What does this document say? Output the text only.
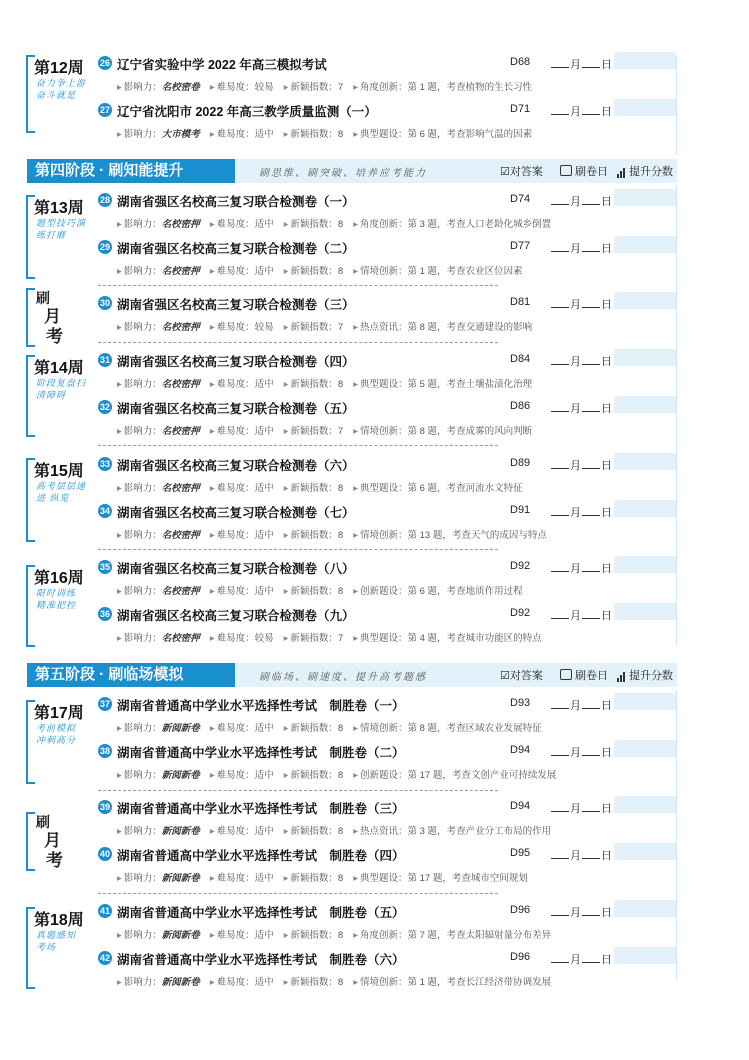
第12周
奋力争上游 奋斗就是
26 辽宁省实验中学 2022 年高三模拟考试	D68	月 日
▸ 影响力：名校密卷 ▸ 难易度：较易 ▸ 新颖指数：7 ▸ 角度创新：第 1 题，考查植物的生长习性
27 辽宁省沈阳市 2022 年高三教学质量监测（一）	D71	月 日
▸ 影响力：大市模考 ▸ 难易度：适中 ▸ 新颖指数：8 ▸ 典型题设：第 6 题，考查影响气温的因素
第四阶段 · 刷知能提升	刷思维、刷突破、培养应考能力	☑对答案	刷卷日	提升分数
第13周
题型技巧演练打磨
28 湖南省强区名校高三复习联合检测卷（一）	D74	月 日
▸ 影响力：名校密押 ▸ 难易度：适中 ▸ 新颖指数：8 ▸ 角度创新：第 3 题，考查人口老龄化城乡倒置
29 湖南省强区名校高三复习联合检测卷（二）	D77	月 日
▸ 影响力：名校密押 ▸ 难易度：适中 ▸ 新颖指数：8 ▸ 情境创新：第 1 题，考查农业区位因素
刷
月
考
30 湖南省强区名校高三复习联合检测卷（三）	D81	月 日
▸ 影响力：名校密押 ▸ 难易度：较易 ▸ 新颖指数：7 ▸ 热点资讯：第 8 题，考查交通建设的影响
第14周
阶段复盘扫清障碍
31 湖南省强区名校高三复习联合检测卷（四）	D84	月 日
▸ 影响力：名校密押 ▸ 难易度：适中 ▸ 新颖指数：8 ▸ 典型题设：第 5 题，考查土壤盐渍化治理
32 湖南省强区名校高三复习联合检测卷（五）	D86	月 日
▸ 影响力：名校密押 ▸ 难易度：适中 ▸ 新颖指数：7 ▸ 情境创新：第 8 题，考查成雾的风向判断
第15周
高考层层递进 纵览
33 湖南省强区名校高三复习联合检测卷（六）	D89	月 日
▸ 影响力：名校密押 ▸ 难易度：适中 ▸ 新颖指数：8 ▸ 典型题设：第 6 题，考查河流水文特征
34 湖南省强区名校高三复习联合检测卷（七）	D91	月 日
▸ 影响力：名校密押 ▸ 难易度：适中 ▸ 新颖指数：8 ▸ 情境创新：第 13 题，考查天气的成因与特点
第16周
限时训练 精准把控
35 湖南省强区名校高三复习联合检测卷（八）	D92	月 日
▸ 影响力：名校密押 ▸ 难易度：适中 ▸ 新颖指数：8 ▸ 创新题设：第 6 题，考查地质作用过程
36 湖南省强区名校高三复习联合检测卷（九）	D92	月 日
▸ 影响力：名校密押 ▸ 难易度：较易 ▸ 新颖指数：7 ▸ 典型题设：第 4 题，考查城市功能区的特点
第五阶段 · 刷临场模拟	刷临场、刷速度、提升高考题感	☑对答案	刷卷日	提升分数
第17周
考前模拟 冲刺高分
37 湖南省普通高中学业水平选择性考试　制胜卷（一）	D93	月 日
▸ 影响力：新阅新卷 ▸ 难易度：适中 ▸ 新颖指数：8 ▸ 情境创新：第 8 题，考查区域农业发展特征
38 湖南省普通高中学业水平选择性考试　制胜卷（二）	D94	月 日
▸ 影响力：新阅新卷 ▸ 难易度：适中 ▸ 新颖指数：8 ▸ 创新题设：第 17 题，考查文创产业可持续发展
刷
月
考
39 湖南省普通高中学业水平选择性考试　制胜卷（三）	D94	月 日
▸ 影响力：新阅新卷 ▸ 难易度：适中 ▸ 新颖指数：8 ▸ 热点资讯：第 3 题，考查产业分工布局的作用
40 湖南省普通高中学业水平选择性考试　制胜卷（四）	D95	月 日
▸ 影响力：新阅新卷 ▸ 难易度：适中 ▸ 新颖指数：8 ▸ 典型题设：第 17 题，考查城市空间规划
第18周
真题感知 考场
41 湖南省普通高中学业水平选择性考试　制胜卷（五）	D96	月 日
▸ 影响力：新阅新卷 ▸ 难易度：适中 ▸ 新颖指数：8 ▸ 角度创新：第 7 题，考查太阳辐射量分布差异
42 湖南省普通高中学业水平选择性考试　制胜卷（六）	D96	月 日
▸ 影响力：新阅新卷 ▸ 难易度：适中 ▸ 新颖指数：8 ▸ 情境创新：第 1 题，考查长江经济带协调发展
